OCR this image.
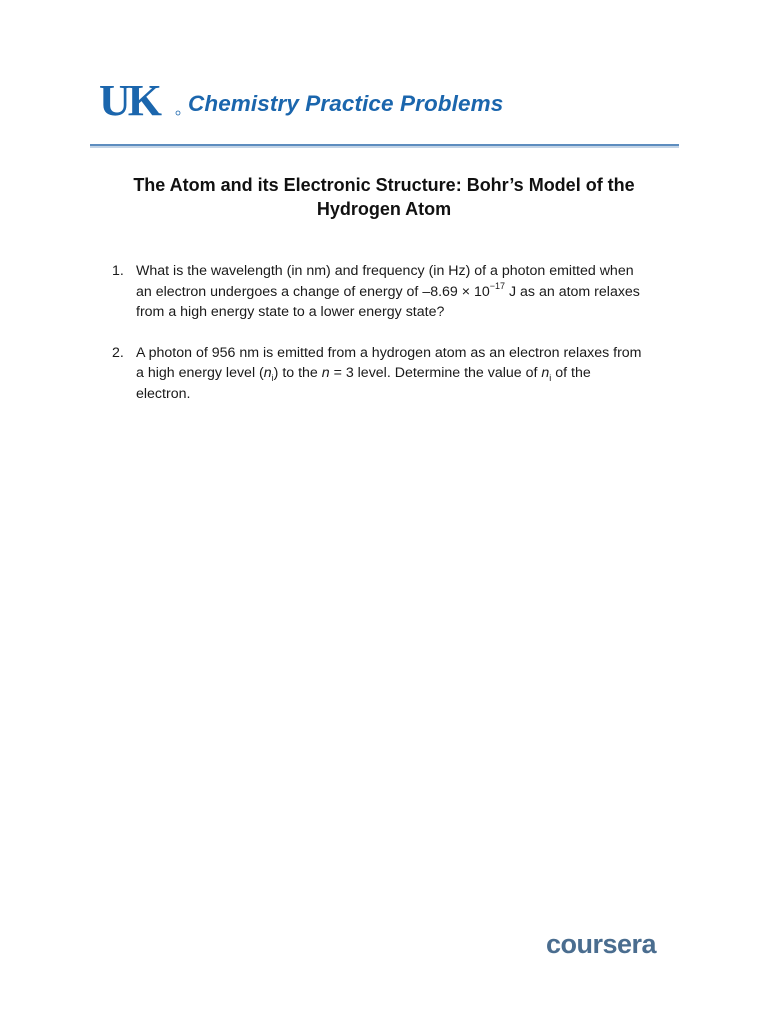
UK Chemistry Practice Problems
The Atom and its Electronic Structure: Bohr’s Model of the
Hydrogen Atom
1. What is the wavelength (in nm) and frequency (in Hz) of a photon emitted when
an electron undergoes a change of energy of $-8.69 \times 10^{-17}$ J as an atom relaxes
from a high energy state to a lower energy state?
2. A photon of 956 nm is emitted from a hydrogen atom as an electron relaxes from
a high energy level $(n_i)$ to the n = 3 level. Determine the value of $n_i$ of the
electron.
coursera
